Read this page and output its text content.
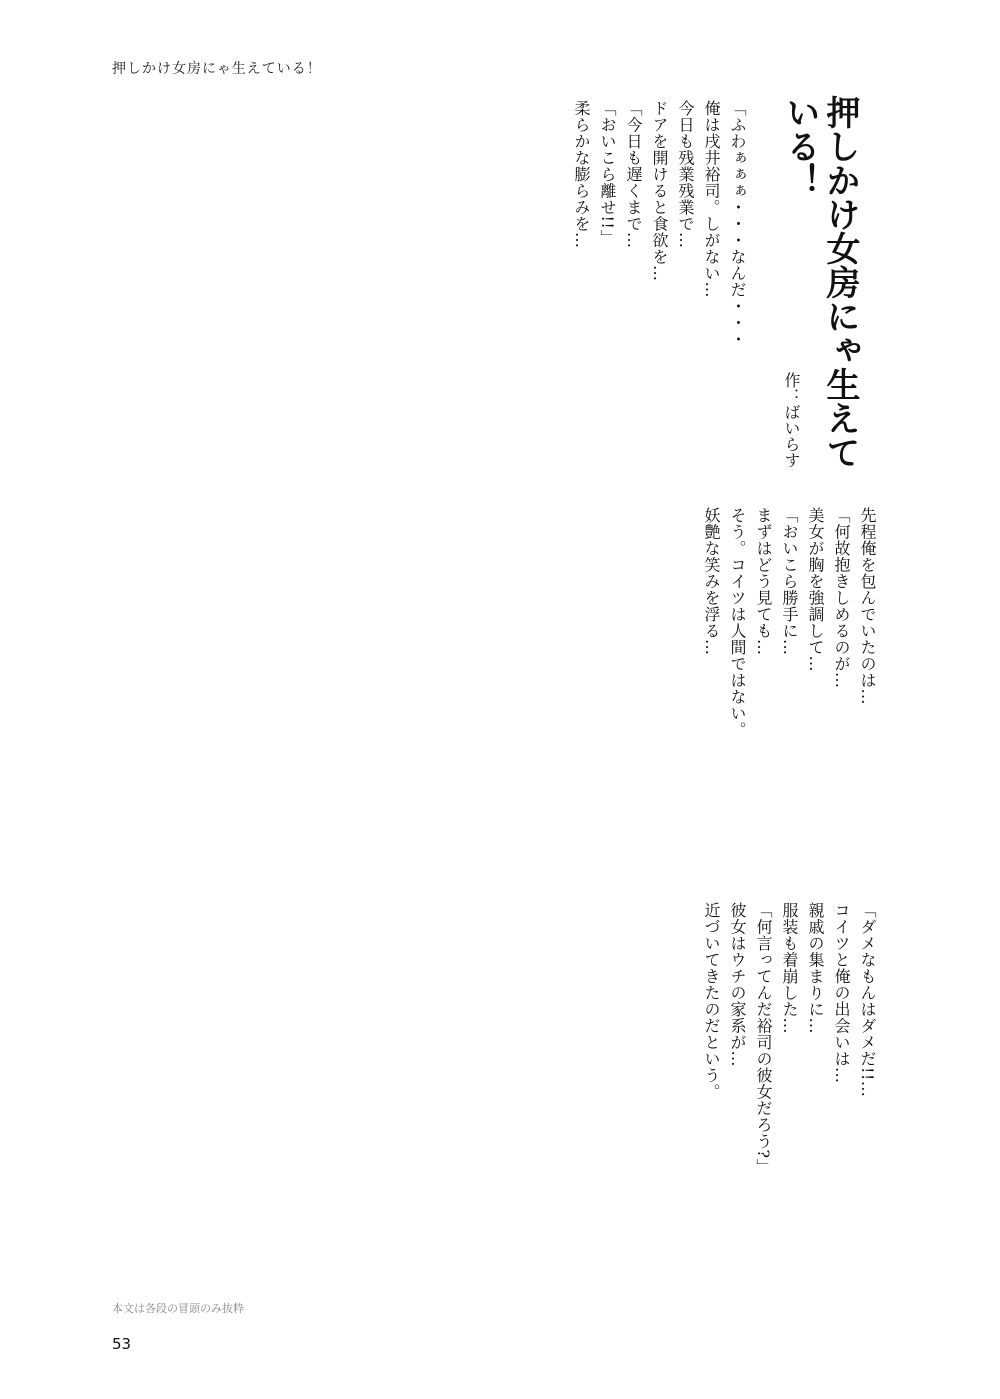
押しかけ女房にゃ生えている！
押しかけ女房にゃ生えている！
作：ばいらす
「ふわぁぁぁ・・・なんだ・・・
俺は戌井裕司。しがない…
今日も残業残業で…
ドアを開けると食欲を…
「今日も遅くまで…
「おいこら離せ!!」
柔らかな膨らみを…
先程俺を包んでいたのは…
「何故抱きしめるのが…
美女が胸を強調して…
「おいこら勝手に…
まずはどう見ても…
そう。コイツは人間ではない。
妖艶な笑みを浮る…
「ダメなもんはダメだ!!…
コイツと俺の出会いは…
親戚の集まりに…
服装も着崩した…
「何言ってんだ裕司の彼女だろう?」
彼女はウチの家系が…
近づいてきたのだという。
本文は各段の冒頭のみ抜粋
53
